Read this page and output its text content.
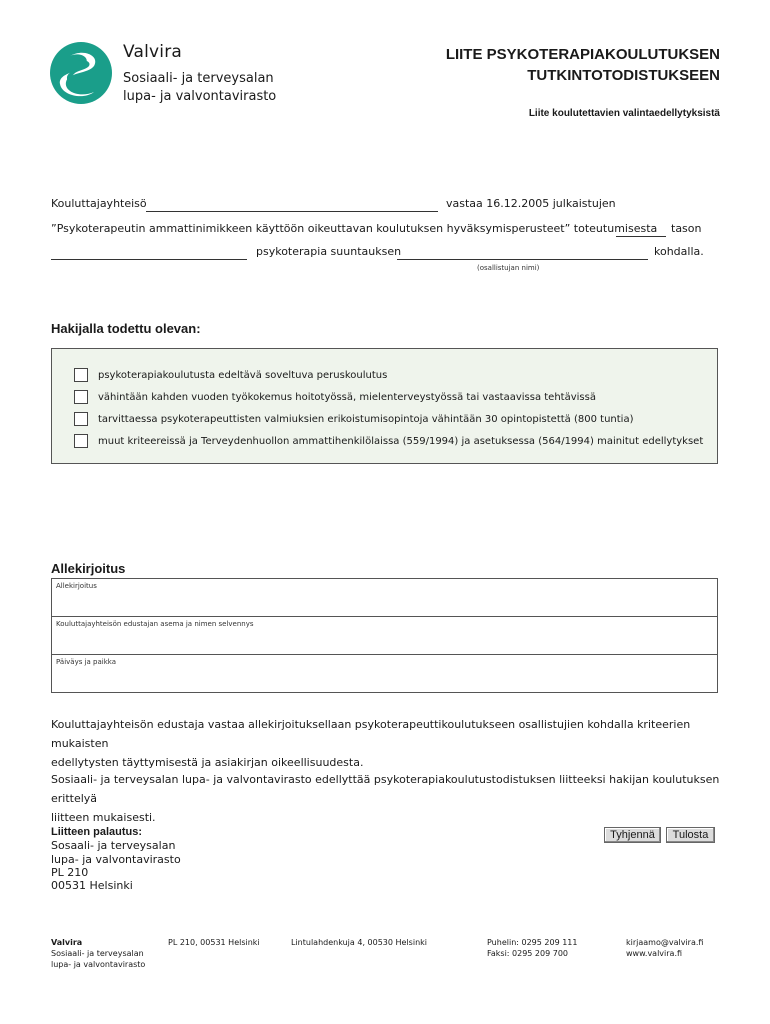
Valvira
Sosiaali- ja terveysalan
lupa- ja valvontavirasto
LIITE PSYKOTERAPIAKOULUTUKSEN
TUTKINTOTODISTUKSEEN
Liite koulutettavien valintaedellytyksistä
Kouluttajayhteisö	vastaa 16.12.2005 julkaistujen
”Psykoterapeutin ammattinimikkeen käyttöön oikeuttavan koulutuksen hyväksymisperusteet” toteutumisesta tason
psykoterapia suuntauksen	kohdalla.
(osallistujan nimi)
Hakijalla todettu olevan:
psykoterapiakoulutusta edeltävä soveltuva peruskoulutus
vähintään kahden vuoden työkokemus hoitotyössä, mielenterveystyössä tai vastaavissa tehtävissä
tarvittaessa psykoterapeuttisten valmiuksien erikoistumisopintoja vähintään 30 opintopistettä (800 tuntia)
muut kriteereissä ja Terveydenhuollon ammattihenkilölaissa (559/1994) ja asetuksessa (564/1994) mainitut edellytykset
Allekirjoitus
Allekirjoitus
Kouluttajayhteisön edustajan asema ja nimen selvennys
Päiväys ja paikka
Kouluttajayhteisön edustaja vastaa allekirjoituksellaan psykoterapeuttikoulutukseen osallistujien kohdalla kriteerien mukaisten
edellytysten täyttymisestä ja asiakirjan oikeellisuudesta.
Sosiaali- ja terveysalan lupa- ja valvontavirasto edellyttää psykoterapiakoulutustodistuksen liitteeksi hakijan koulutuksen erittelyä
liitteen mukaisesti.
Liitteen palautus:
Sosaali- ja terveysalan
lupa- ja valvontavirasto
PL 210
00531 Helsinki
Tyhjennä	Tulosta
Valvira
Sosiaali- ja terveysalan
lupa- ja valvontavirasto
PL 210, 00531 Helsinki	Lintulahdenkuja 4, 00530 Helsinki	Puhelin: 0295 209 111
Faksi: 0295 209 700
kirjaamo@valvira.fi
www.valvira.fi
